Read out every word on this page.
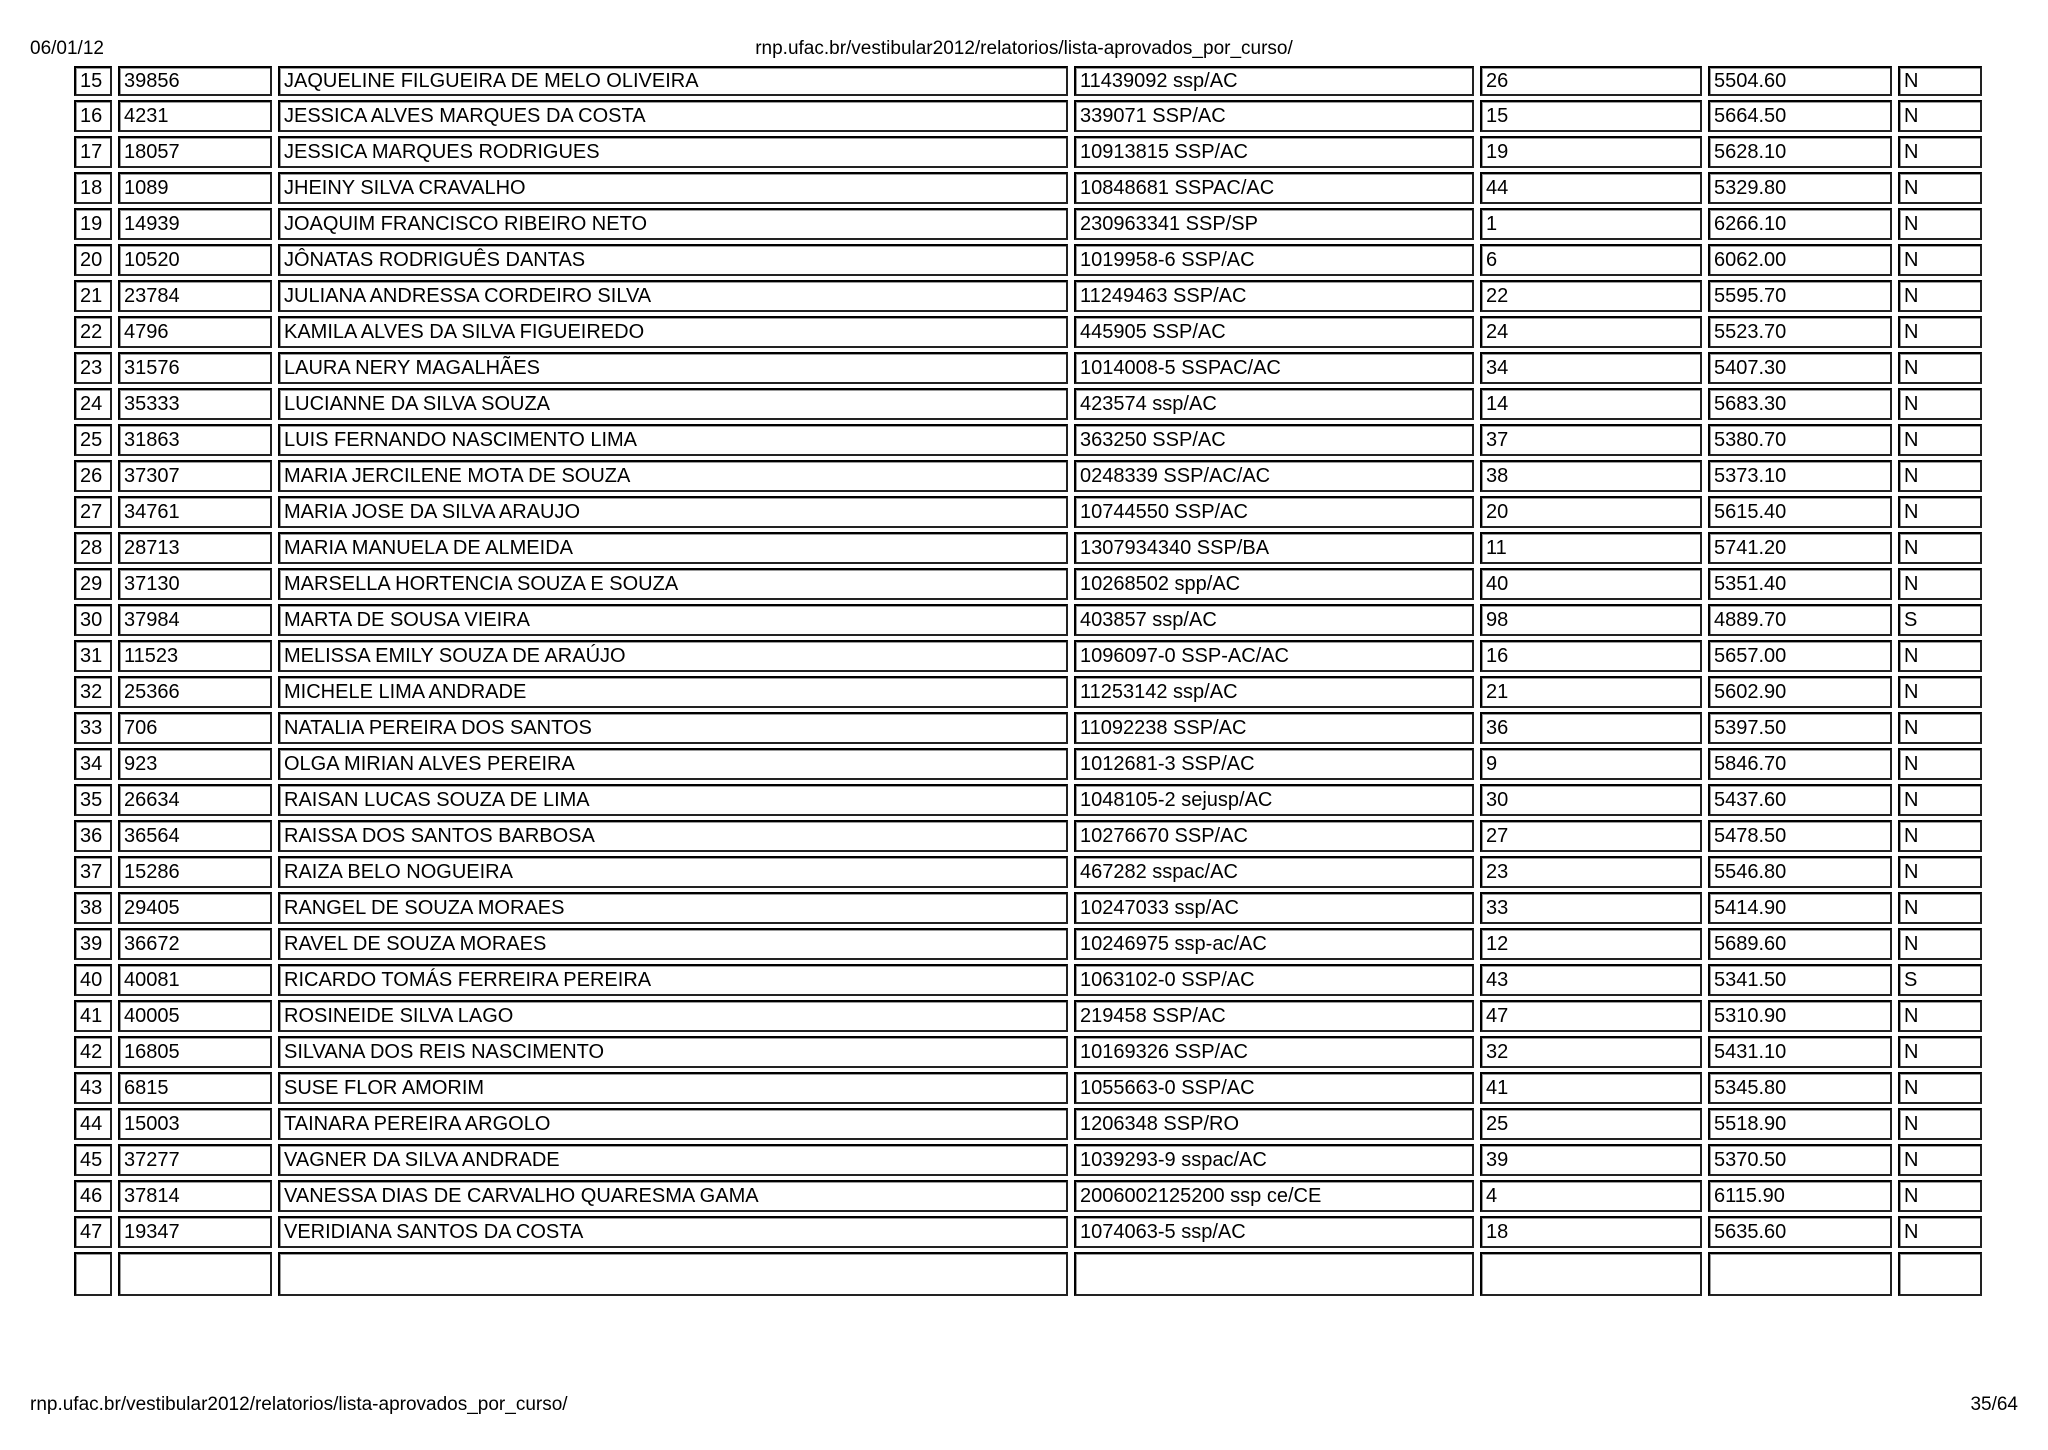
06/01/12	rnp.ufac.br/vestibular2012/relatorios/lista-aprovados_por_curso/
15	39856	JAQUELINE FILGUEIRA DE MELO OLIVEIRA	11439092 ssp/AC	26	5504.60	N
16	4231	JESSICA ALVES MARQUES DA COSTA	339071 SSP/AC	15	5664.50	N
17	18057	JESSICA MARQUES RODRIGUES	10913815 SSP/AC	19	5628.10	N
18	1089	JHEINY SILVA CRAVALHO	10848681 SSPAC/AC	44	5329.80	N
19	14939	JOAQUIM FRANCISCO RIBEIRO NETO	230963341 SSP/SP	1	6266.10	N
20	10520	JÔNATAS RODRIGUÊS DANTAS	1019958-6 SSP/AC	6	6062.00	N
21	23784	JULIANA ANDRESSA CORDEIRO SILVA	11249463 SSP/AC	22	5595.70	N
22	4796	KAMILA ALVES DA SILVA FIGUEIREDO	445905 SSP/AC	24	5523.70	N
23	31576	LAURA NERY MAGALHÃES	1014008-5 SSPAC/AC	34	5407.30	N
24	35333	LUCIANNE DA SILVA SOUZA	423574 ssp/AC	14	5683.30	N
25	31863	LUIS FERNANDO NASCIMENTO LIMA	363250 SSP/AC	37	5380.70	N
26	37307	MARIA JERCILENE MOTA DE SOUZA	0248339 SSP/AC/AC	38	5373.10	N
27	34761	MARIA JOSE DA SILVA ARAUJO	10744550 SSP/AC	20	5615.40	N
28	28713	MARIA MANUELA DE ALMEIDA	1307934340 SSP/BA	11	5741.20	N
29	37130	MARSELLA HORTENCIA SOUZA E SOUZA	10268502 spp/AC	40	5351.40	N
30	37984	MARTA DE SOUSA VIEIRA	403857 ssp/AC	98	4889.70	S
31	11523	MELISSA EMILY SOUZA DE ARAÚJO	1096097-0 SSP-AC/AC	16	5657.00	N
32	25366	MICHELE LIMA ANDRADE	11253142 ssp/AC	21	5602.90	N
33	706	NATALIA PEREIRA DOS SANTOS	11092238 SSP/AC	36	5397.50	N
34	923	OLGA MIRIAN ALVES PEREIRA	1012681-3 SSP/AC	9	5846.70	N
35	26634	RAISAN LUCAS SOUZA DE LIMA	1048105-2 sejusp/AC	30	5437.60	N
36	36564	RAISSA DOS SANTOS BARBOSA	10276670 SSP/AC	27	5478.50	N
37	15286	RAIZA BELO NOGUEIRA	467282 sspac/AC	23	5546.80	N
38	29405	RANGEL DE SOUZA MORAES	10247033 ssp/AC	33	5414.90	N
39	36672	RAVEL DE SOUZA MORAES	10246975 ssp-ac/AC	12	5689.60	N
40	40081	RICARDO TOMÁS FERREIRA PEREIRA	1063102-0 SSP/AC	43	5341.50	S
41	40005	ROSINEIDE SILVA LAGO	219458 SSP/AC	47	5310.90	N
42	16805	SILVANA DOS REIS NASCIMENTO	10169326 SSP/AC	32	5431.10	N
43	6815	SUSE FLOR AMORIM	1055663-0 SSP/AC	41	5345.80	N
44	15003	TAINARA PEREIRA ARGOLO	1206348 SSP/RO	25	5518.90	N
45	37277	VAGNER DA SILVA ANDRADE	1039293-9 sspac/AC	39	5370.50	N
46	37814	VANESSA DIAS DE CARVALHO QUARESMA GAMA	2006002125200 ssp ce/CE	4	6115.90	N
47	19347	VERIDIANA SANTOS DA COSTA	1074063-5 ssp/AC	18	5635.60	N

rnp.ufac.br/vestibular2012/relatorios/lista-aprovados_por_curso/	35/64
